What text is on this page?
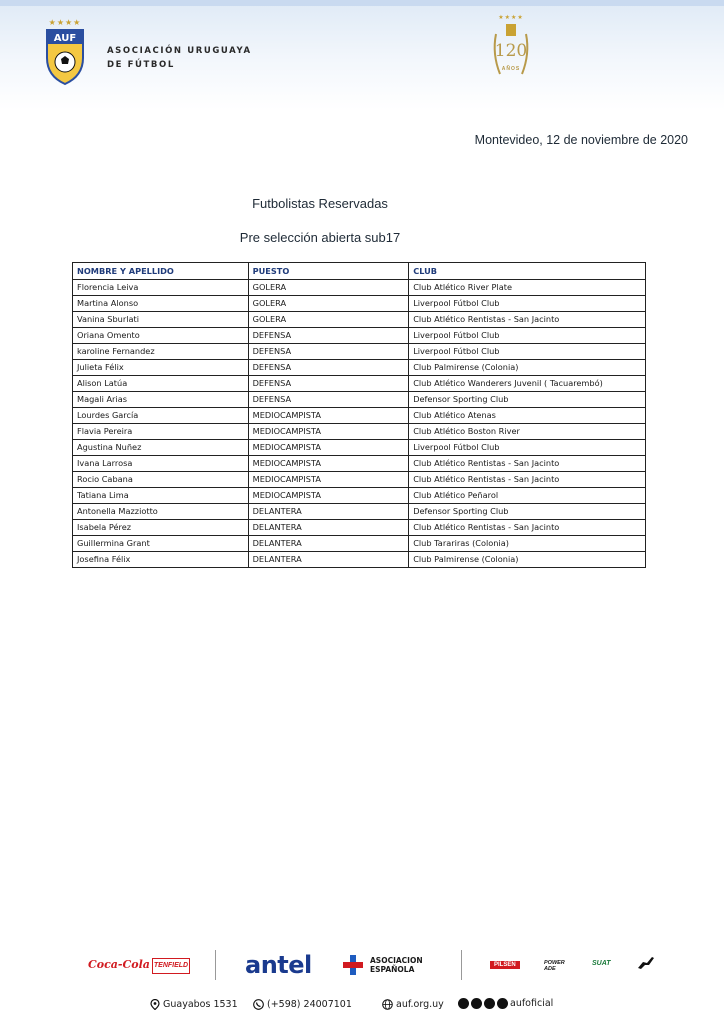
★★★★
AUF
ASOCIACIÓN URUGUAYA
DE FÚTBOL
★★★★
120
AÑOS
Montevideo, 12 de noviembre de 2020
Futbolistas Reservadas
Pre selección abierta sub17
NOMBRE Y APELLIDO	PUESTO	CLUB
Florencia Leiva	GOLERA	Club Atlético River Plate
Martina Alonso	GOLERA	Liverpool Fútbol Club
Vanina Sburlati	GOLERA	Club Atlético Rentistas - San Jacinto
Oriana Omento	DEFENSA	Liverpool Fútbol Club
karoline Fernandez	DEFENSA	Liverpool Fútbol Club
Julieta Félix	DEFENSA	Club Palmirense (Colonia)
Alison Latúa	DEFENSA	Club Atlético Wanderers Juvenil ( Tacuarembó)
Magali Arias	DEFENSA	Defensor Sporting Club
Lourdes García	MEDIOCAMPISTA	Club Atlético Atenas
Flavia Pereira	MEDIOCAMPISTA	Club Atlético Boston River
Agustina Nuñez	MEDIOCAMPISTA	Liverpool Fútbol Club
Ivana Larrosa	MEDIOCAMPISTA	Club Atlético Rentistas - San Jacinto
Rocio Cabana	MEDIOCAMPISTA	Club Atlético Rentistas - San Jacinto
Tatiana Lima	MEDIOCAMPISTA	Club Atlético Peñarol
Antonella Mazziotto	DELANTERA	Defensor Sporting Club
Isabela Pérez	DELANTERA	Club Atlético Rentistas - San Jacinto
Guillermina Grant	DELANTERA	Club Tarariras (Colonia)
Josefina Félix	DELANTERA	Club Palmirense (Colonia)
Coca-Cola TENFIELD antel	ASOCIACION
ESPAÑOLA	PILSEN	POWER
ADE
SUAT
Guayabos 1531	(+598) 24007101	auf.org.uy	aufoficial
